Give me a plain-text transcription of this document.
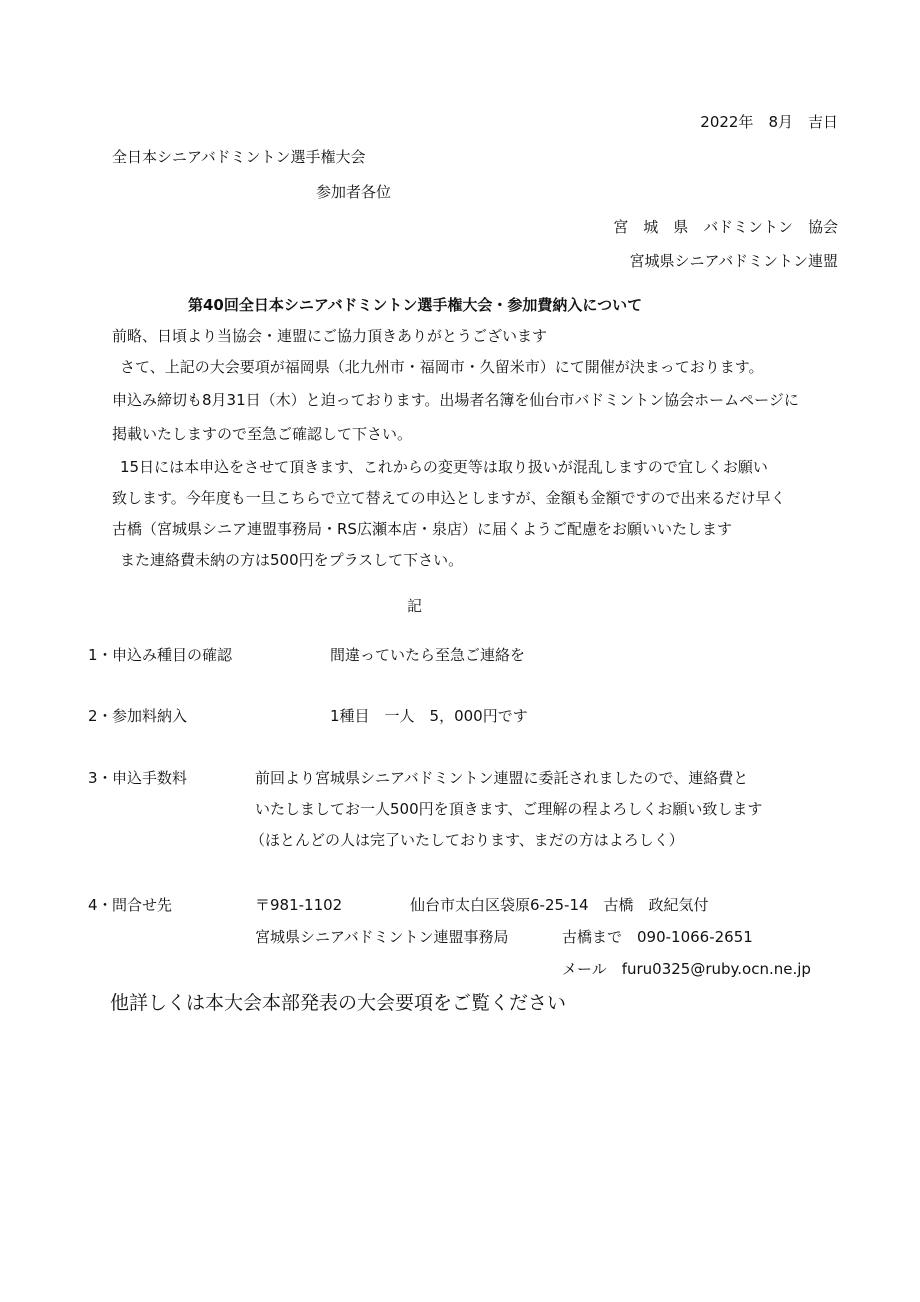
2022年　8月　吉日
全日本シニアバドミントン選手権大会
参加者各位
宮　城　県　バドミントン　協会
宮城県シニアバドミントン連盟
第40回全日本シニアバドミントン選手権大会・参加費納入について
前略、日頃より当協会・連盟にご協力頂きありがとうございます
さて、上記の大会要項が福岡県（北九州市・福岡市・久留米市）にて開催が決まっております。
申込み締切も8月31日（木）と迫っております。出場者名簿を仙台市バドミントン協会ホームページに
掲載いたしますので至急ご確認して下さい。
15日には本申込をさせて頂きます、これからの変更等は取り扱いが混乱しますので宜しくお願い
致します。今年度も一旦こちらで立て替えての申込としますが、金額も金額ですので出来るだけ早く
古橋（宮城県シニア連盟事務局・RS広瀬本店・泉店）に届くようご配慮をお願いいたします
また連絡費未納の方は500円をプラスして下さい。
記
1・ 申込み種目の確認	間違っていたら至急ご連絡を
2・ 参加料納入	1種目　一人　5，000円です
3・ 申込手数料	前回より宮城県シニアバドミントン連盟に委託されましたので、連絡費と
いたしましてお一人500円を頂きます、ご理解の程よろしくお願い致します
（ほとんどの人は完了いたしております、まだの方はよろしく）
4・ 問合せ先	〒981-1102	仙台市太白区袋原6-25-14　古橋　政紀気付
宮城県シニアバドミントン連盟事務局	古橋まで　090-1066-2651
メール　furu0325@ruby.ocn.ne.jp
他詳しくは本大会本部発表の大会要項をご覧ください
